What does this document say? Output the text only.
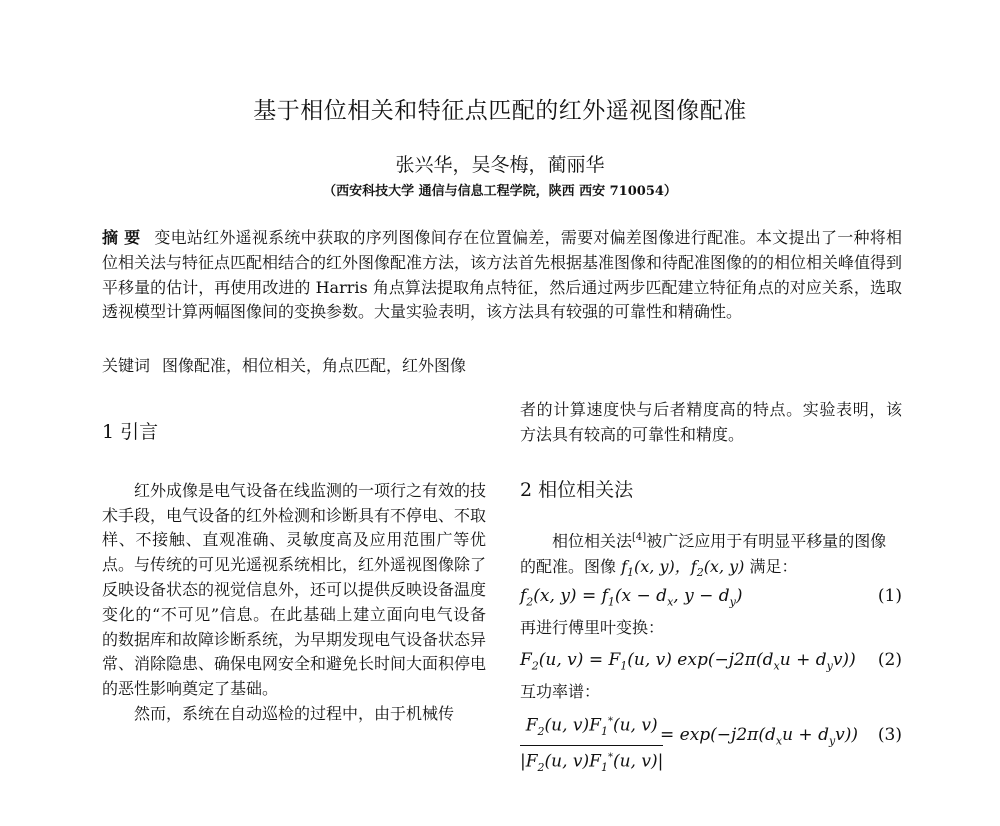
基于相位相关和特征点匹配的红外遥视图像配准
张兴华，吴冬梅，蔺丽华
（西安科技大学 通信与信息工程学院，陕西 西安 710054）
摘 要 变电站红外遥视系统中获取的序列图像间存在位置偏差，需要对偏差图像进行配准。本文提出了一种将相位相关法与特征点匹配相结合的红外图像配准方法，该方法首先根据基准图像和待配准图像的的相位相关峰值得到平移量的估计，再使用改进的 Harris 角点算法提取角点特征，然后通过两步匹配建立特征角点的对应关系，选取透视模型计算两幅图像间的变换参数。大量实验表明，该方法具有较强的可靠性和精确性。
关键词 图像配准，相位相关，角点匹配，红外图像
1 引言

红外成像是电气设备在线监测的一项行之有效的技术手段，电气设备的红外检测和诊断具有不停电、不取样、不接触、直观准确、灵敏度高及应用范围广等优点。与传统的可见光遥视系统相比，红外遥视图像除了反映设备状态的视觉信息外，还可以提供反映设备温度变化的“不可见”信息。在此基础上建立面向电气设备的数据库和故障诊断系统，为早期发现电气设备状态异常、消除隐患、确保电网安全和避免长时间大面积停电的恶性影响奠定了基础。

然而，系统在自动巡检的过程中，由于机械传

者的计算速度快与后者精度高的特点。实验表明，该方法具有较高的可靠性和精度。
2 相位相关法
相位相关法[4]被广泛应用于有明显平移量的图像的配准。图像 $f_1(x$, y)，$f_2(x$, y) 满足：
$f_2(x$, $y) = f_1(x - d_x$, $y - d_y$)	(1)
再进行傅里叶变换：
$F_2(u$, $v) = F_1(u$, v) $\exp(-j2\pi(d_xu + d_yv))$ (2)
互功率谱：
$F_2(u$, $v)F_1^*(u$, v)
$|F_2(u$, $v)F_1^*(u$, v)|
= $\exp(-j2\pi(d_xu + d_yv))$ (3)
